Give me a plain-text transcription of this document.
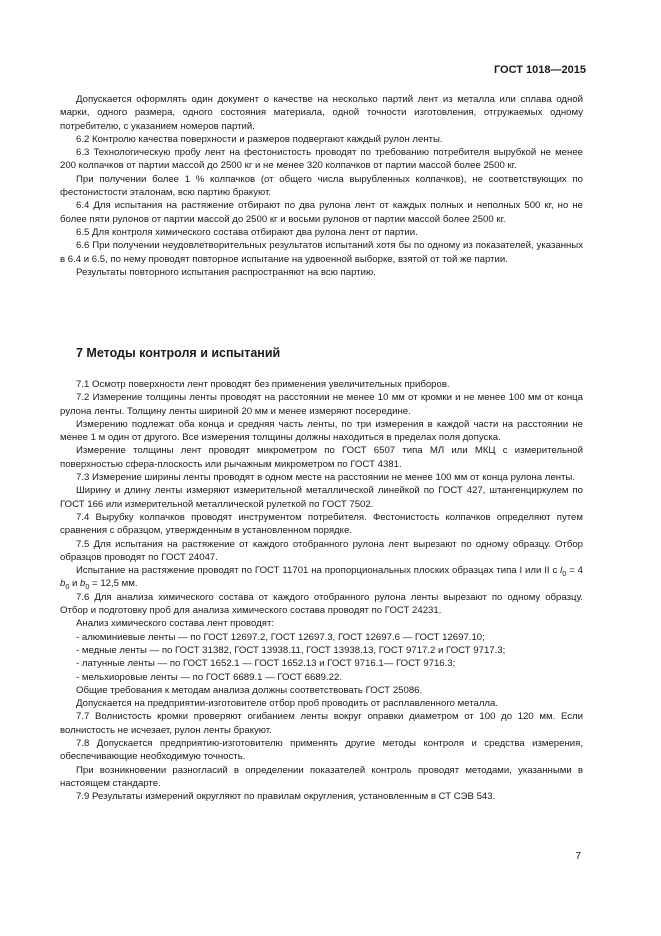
ГОСТ 1018—2015

Допускается оформлять один документ о качестве на несколько партий лент из металла или сплава одной марки, одного размера, одного состояния материала, одной точности изготовления, отгружаемых одному потребителю, с указанием номеров партий.

6.2 Контролю качества поверхности и размеров подвергают каждый рулон ленты.

6.3 Технологическую пробу лент на фестонистость проводят по требованию потребителя вырубкой не менее 200 колпачков от партии массой до 2500 кг и не менее 320 колпачков от партии массой более 2500 кг.

При получении более 1 % колпачков (от общего числа вырубленных колпачков), не соответствующих по фестонистости эталонам, всю партию бракуют.

6.4 Для испытания на растяжение отбирают по два рулона лент от каждых полных и неполных 500 кг, но не более пяти рулонов от партии массой до 2500 кг и восьми рулонов от партии массой более 2500 кг.

6.5 Для контроля химического состава отбирают два рулона лент от партии.

6.6 При получении неудовлетворительных результатов испытаний хотя бы по одному из показателей, указанных в 6.4 и 6.5, по нему проводят повторное испытание на удвоенной выборке, взятой от той же партии.

Результаты повторного испытания распространяют на всю партию.

7 Методы контроля и испытаний

7.1 Осмотр поверхности лент проводят без применения увеличительных приборов.

7.2 Измерение толщины ленты проводят на расстоянии не менее 10 мм от кромки и не менее 100 мм от конца рулона ленты. Толщину ленты шириной 20 мм и менее измеряют посередине.

Измерению подлежат оба конца и средняя часть ленты, по три измерения в каждой части на расстоянии не менее 1 м один от другого. Все измерения толщины должны находиться в пределах поля допуска.

Измерение толщины лент проводят микрометром по ГОСТ 6507 типа МЛ или МКЦ с измерительной поверхностью сфера-плоскость или рычажным микрометром по ГОСТ 4381.

7.3 Измерение ширины ленты проводят в одном месте на расстоянии не менее 100 мм от конца рулона ленты.

Ширину и длину ленты измеряют измерительной металлической линейкой по ГОСТ 427, штангенциркулем по ГОСТ 166 или измерительной металлической рулеткой по ГОСТ 7502.

7.4 Вырубку колпачков проводят инструментом потребителя. Фестонистость колпачков определяют путем сравнения с образцом, утвержденным в установленном порядке.

7.5 Для испытания на растяжение от каждого отобранного рулона лент вырезают по одному образцу. Отбор образцов проводят по ГОСТ 24047.

Испытание на растяжение проводят по ГОСТ 11701 на пропорциональных плоских образцах типа I или II с $l_0 = 4$ $b_0$ и $b_0 = 12,5$ мм.

7.6 Для анализа химического состава от каждого отобранного рулона ленты вырезают по одному образцу. Отбор и подготовку проб для анализа химического состава проводят по ГОСТ 24231.

Анализ химического состава лент проводят:

- алюминиевые ленты — по ГОСТ 12697.2, ГОСТ 12697.3, ГОСТ 12697.6 — ГОСТ 12697.10;

- медные ленты — по ГОСТ 31382, ГОСТ 13938.11, ГОСТ 13938.13, ГОСТ 9717.2 и ГОСТ 9717.3;

- латунные ленты — по ГОСТ 1652.1 — ГОСТ 1652.13 и ГОСТ 9716.1— ГОСТ 9716.3;

- мельхиоровые ленты — по ГОСТ 6689.1 — ГОСТ 6689.22.

Общие требования к методам анализа должны соответствовать ГОСТ 25086.

Допускается на предприятии-изготовителе отбор проб проводить от расплавленного металла.

7.7 Волнистость кромки проверяют огибанием ленты вокруг оправки диаметром от 100 до 120 мм. Если волнистость не исчезает, рулон ленты бракуют.

7.8 Допускается предприятию-изготовителю применять другие методы контроля и средства измерения, обеспечивающие необходимую точность.

При возникновении разногласий в определении показателей контроль проводят методами, указанными в настоящем стандарте.

7.9 Результаты измерений округляют по правилам округления, установленным в СТ СЭВ 543.

7
